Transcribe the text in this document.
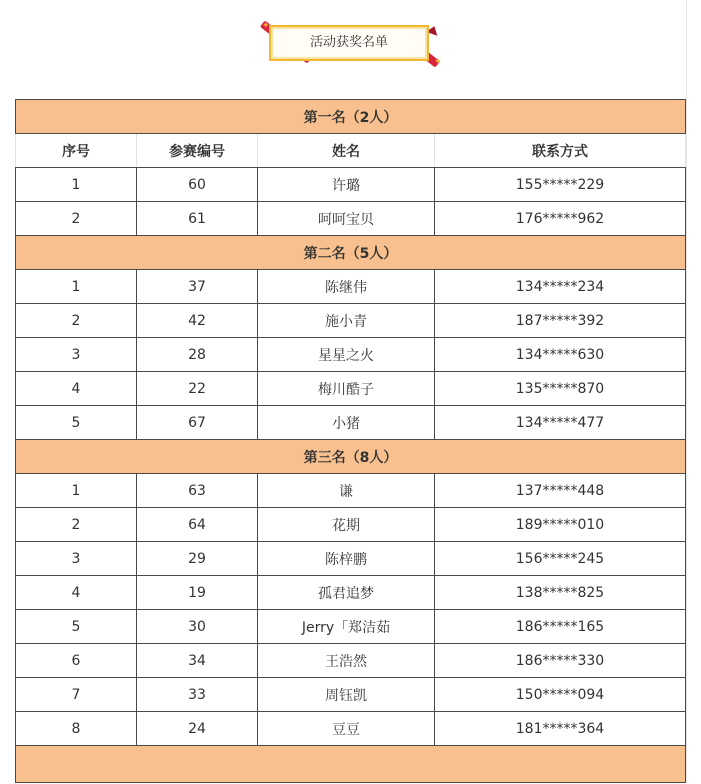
活动获奖名单
✦
✦
第一名（2人）			
序号	参赛编号	姓名	联系方式
1	60	许璐	155*****229
2	61	呵呵宝贝	176*****962
第二名（5人）			
1	37	陈继伟	134*****234
2	42	施小青	187*****392
3	28	星星之火	134*****630
4	22	梅川酷子	135*****870
5	67	小猪	134*****477
第三名（8人）			
1	63	谦	137*****448
2	64	花期	189*****010
3	29	陈梓鹏	156*****245
4	19	孤君追梦	138*****825
5	30	Jerry「郑洁茹	186*****165
6	34	王浩然	186*****330
7	33	周钰凯	150*****094
8	24	豆豆	181*****364
